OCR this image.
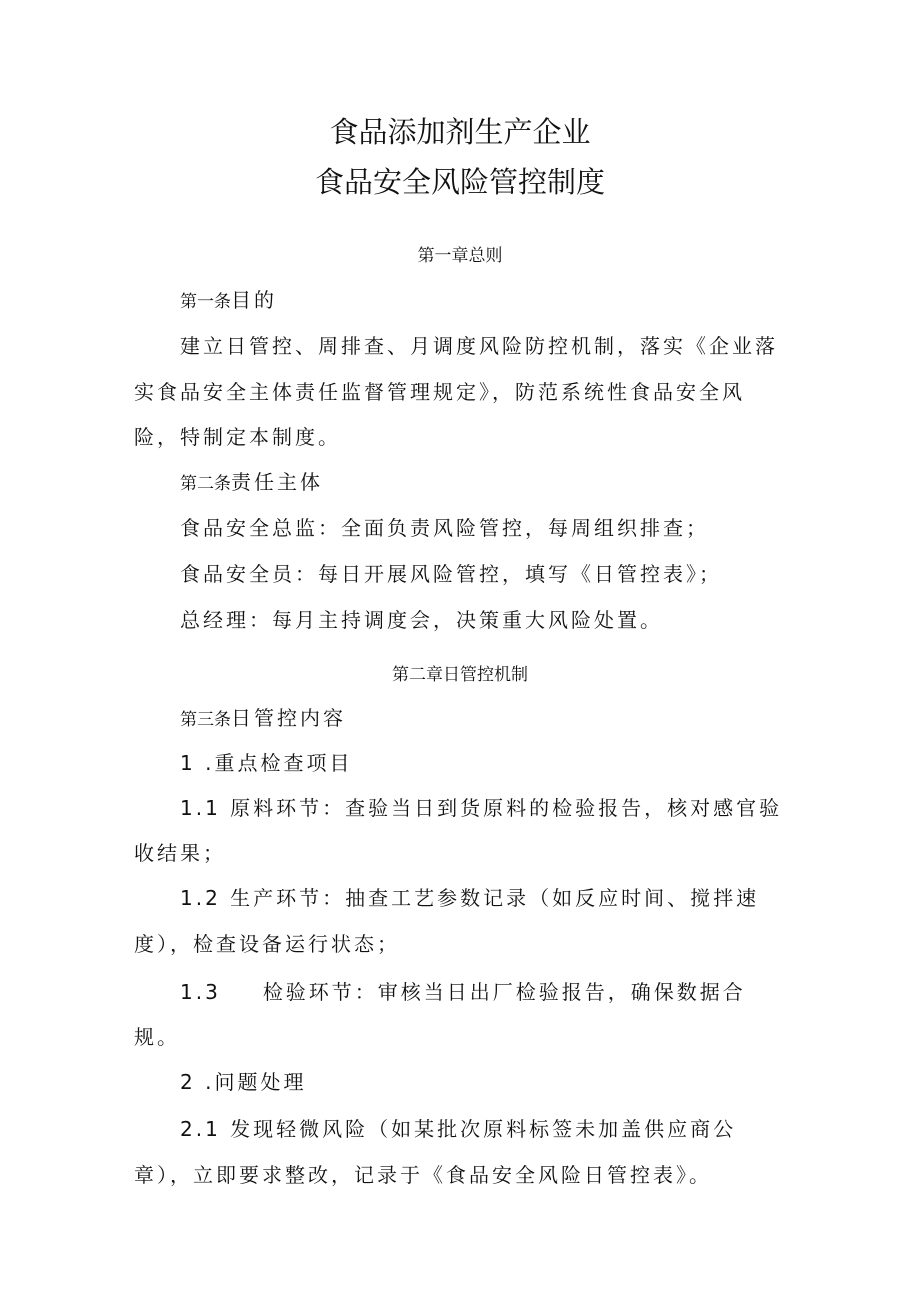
食品添加剂生产企业
食品安全风险管控制度
第一章总则
第一条目的
建立日管控、周排查、月调度风险防控机制，落实《企业落
实食品安全主体责任监督管理规定》，防范系统性食品安全风
险，特制定本制度。
第二条责任主体
食品安全总监：全面负责风险管控，每周组织排查；
食品安全员：每日开展风险管控，填写《日管控表》；
总经理：每月主持调度会，决策重大风险处置。
第二章日管控机制
第三条日管控内容
1 .重点检查项目
1.1 原料环节：查验当日到货原料的检验报告，核对感官验
收结果；
1.2 生产环节：抽查工艺参数记录（如反应时间、搅拌速
度），检查设备运行状态；
1.3 检验环节：审核当日出厂检验报告，确保数据合
规。
2 .问题处理
2.1 发现轻微风险（如某批次原料标签未加盖供应商公
章），立即要求整改，记录于《食品安全风险日管控表》。
